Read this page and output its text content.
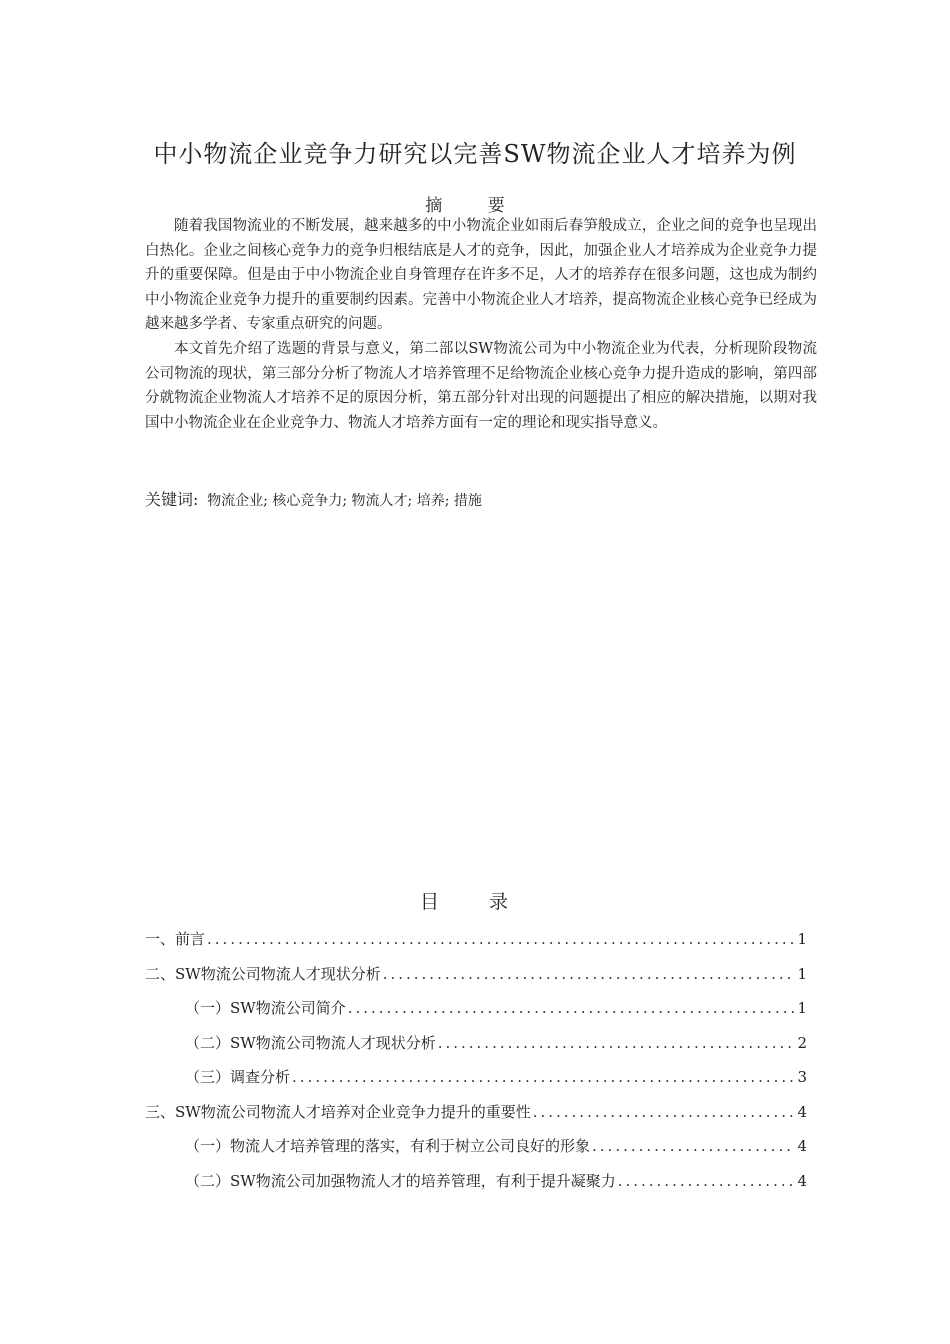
中小物流企业竞争力研究以完善SW物流企业人才培养为例
摘 要

随着我国物流业的不断发展，越来越多的中小物流企业如雨后春笋般成立，企业之间的竞争也呈现出白热化。企业之间核心竞争力的竞争归根结底是人才的竞争，因此，加强企业人才培养成为企业竞争力提升的重要保障。但是由于中小物流企业自身管理存在许多不足，人才的培养存在很多问题，这也成为制约中小物流企业竞争力提升的重要制约因素。完善中小物流企业人才培养，提高物流企业核心竞争已经成为越来越多学者、专家重点研究的问题。

本文首先介绍了选题的背景与意义，第二部以SW物流公司为中小物流企业为代表，分析现阶段物流公司物流的现状，第三部分分析了物流人才培养管理不足给物流企业核心竞争力提升造成的影响，第四部分就物流企业物流人才培养不足的原因分析，第五部分针对出现的问题提出了相应的解决措施，以期对我国中小物流企业在企业竞争力、物流人才培养方面有一定的理论和现实指导意义。

关键词: 物流企业; 核心竞争力; 物流人才; 培养; 措施
目 录
一、前言 .....	1
二、SW物流公司物流人才现状分析 .....	1
（一）SW物流公司简介 .....	1
（二）SW物流公司物流人才现状分析 .....	2
（三）调查分析 .....	3
三、SW物流公司物流人才培养对企业竞争力提升的重要性 .....	4
（一）物流人才培养管理的落实，有利于树立公司良好的形象 .....	4
（二）SW物流公司加强物流人才的培养管理，有利于提升凝聚力 .....	4
